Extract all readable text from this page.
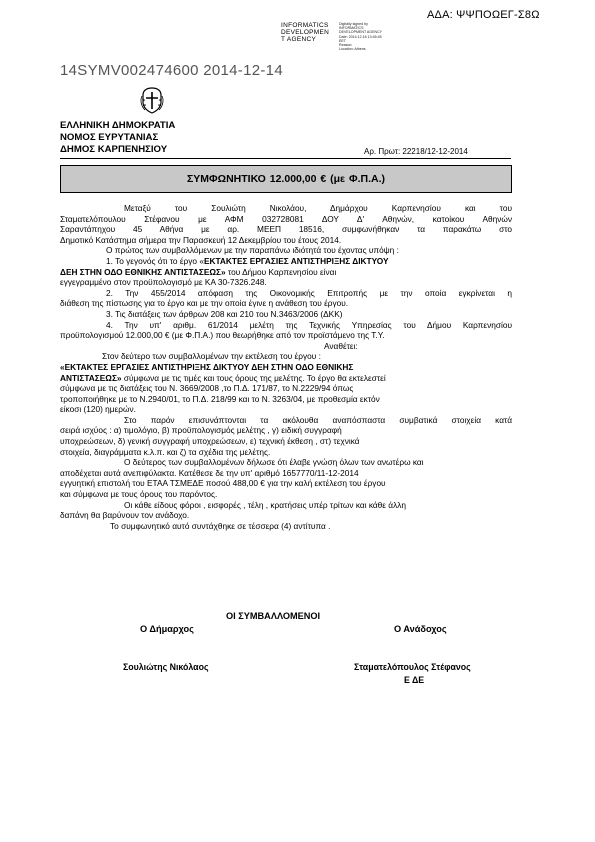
ΑΔΑ: ΨΨΠΟΩΕΓ-Σ8Ω
INFORMATICS
DEVELOPMEN
T AGENCY
Digitally signed by
INFORMATICS
DEVELOPMENT AGENCY
Date: 2014.12.16 13:45:45
EET
Reason:
Location: Athens
14SYMV002474600 2014-12-14
ΕΛΛΗΝΙΚΗ ΔΗΜΟΚΡΑΤΙΑ
ΝΟΜΟΣ ΕΥΡΥΤΑΝΙΑΣ
ΔΗΜΟΣ ΚΑΡΠΕΝΗΣΙΟΥ	Αρ. Πρωτ: 22218/12-12-2014
ΣΥΜΦΩΝΗΤΙΚΟ 12.000,00 € (με Φ.Π.Α.)
Μεταξύ του Σουλιώτη Νικολάου, Δημάρχου Καρπενησίου και του
Σταματελόπουλου Στέφανου με ΑΦΜ 032728081 ΔΟΥ Δ' Αθηνών, κατοίκου Αθηνών
Σαραντάπηχου 45 Αθήνα με αρ. ΜΕΕΠ 18516, συμφωνήθηκαν τα παρακάτω στο
Δημοτικό Κατάστημα σήμερα την Παρασκευή 12 Δεκεμβρίου του έτους 2014.
Ο πρώτος των συμβαλλόμενων με την παραπάνω ιδιότητά του έχοντας υπόψη :
1. Το γεγονός ότι το έργο «ΕΚΤΑΚΤΕΣ ΕΡΓΑΣΙΕΣ ΑΝΤΙΣΤΗΡΙΞΗΣ ΔΙΚΤΥΟΥ
ΔΕΗ ΣΤΗΝ ΟΔΟ ΕΘΝΙΚΗΣ ΑΝΤΙΣΤΑΣΕΩΣ» του Δήμου Καρπενησίου είναι
εγγεγραμμένο στον προϋπολογισμό με ΚΑ 30-7326.248.
2. Την 455/2014 απόφαση της Οικονομικής Επιτροπής με την οποία εγκρίνεται η
διάθεση της πίστωσης για το έργο και με την οποία έγινε η ανάθεση του έργου.
3. Τις διατάξεις των άρθρων 208 και 210 του Ν.3463/2006 (ΔΚΚ)
4. Την υπ' αριθμ. 61/2014 μελέτη της Τεχνικής Υπηρεσίας του Δήμου Καρπενησίου
προϋπολογισμού 12.000,00 € (με Φ.Π.Α.) που θεωρήθηκε από τον προϊστάμενο της Τ.Υ.
Αναθέτει:
Στον δεύτερο των συμβαλλομένων την εκτέλεση του έργου :
«ΕΚΤΑΚΤΕΣ ΕΡΓΑΣΙΕΣ ΑΝΤΙΣΤΗΡΙΞΗΣ ΔΙΚΤΥΟΥ ΔΕΗ ΣΤΗΝ ΟΔΟ ΕΘΝΙΚΗΣ
ΑΝΤΙΣΤΑΣΕΩΣ» σύμφωνα με τις τιμές και τους όρους της μελέτης. Το έργο θα εκτελεστεί
σύμφωνα με τις διατάξεις του Ν. 3669/2008 ,το Π.Δ. 171/87, το Ν.2229/94 όπως
τροποποιήθηκε με το Ν.2940/01, το Π.Δ. 218/99 και το Ν. 3263/04, με προθεσμία εκτόν
είκοσι (120) ημερών.
Στο παρόν επισυνάπτονται τα ακόλουθα αναπόσπαστα συμβατικά στοιχεία κατά
σειρά ισχύος : α) τιμολόγιο, β) προϋπολογισμός μελέτης , γ) ειδική συγγραφή
υποχρεώσεων, δ) γενική συγγραφή υποχρεώσεων, ε) τεχνική έκθεση , στ) τεχνικά
στοιχεία, διαγράμματα κ.λ.π. και ζ) τα σχέδια της μελέτης.
Ο δεύτερος των συμβαλλομένων δήλωσε ότι έλαβε γνώση όλων των ανωτέρω και
αποδέχεται αυτά ανεπιφύλακτα. Κατέθεσε δε την υπ' αριθμό 1657770/11-12-2014
εγγυητική επιστολή του ΕΤΑΑ ΤΣΜΕΔΕ ποσού 488,00 € για την καλή εκτέλεση του έργου
και σύμφωνα με τους όρους του παρόντος.
Οι κάθε είδους φόροι , εισφορές , τέλη , κρατήσεις υπέρ τρίτων και κάθε άλλη
δαπάνη θα βαρύνουν τον ανάδοχο.
Το συμφωνητικό αυτό συντάχθηκε σε τέσσερα (4) αντίτυπα .
ΟΙ ΣΥΜΒΑΛΛΟΜΕΝΟΙ
Ο Δήμαρχος	Ο Ανάδοχος
Σουλιώτης Νικόλαος	Σταματελόπουλος Στέφανος
Ε ΔΕ
